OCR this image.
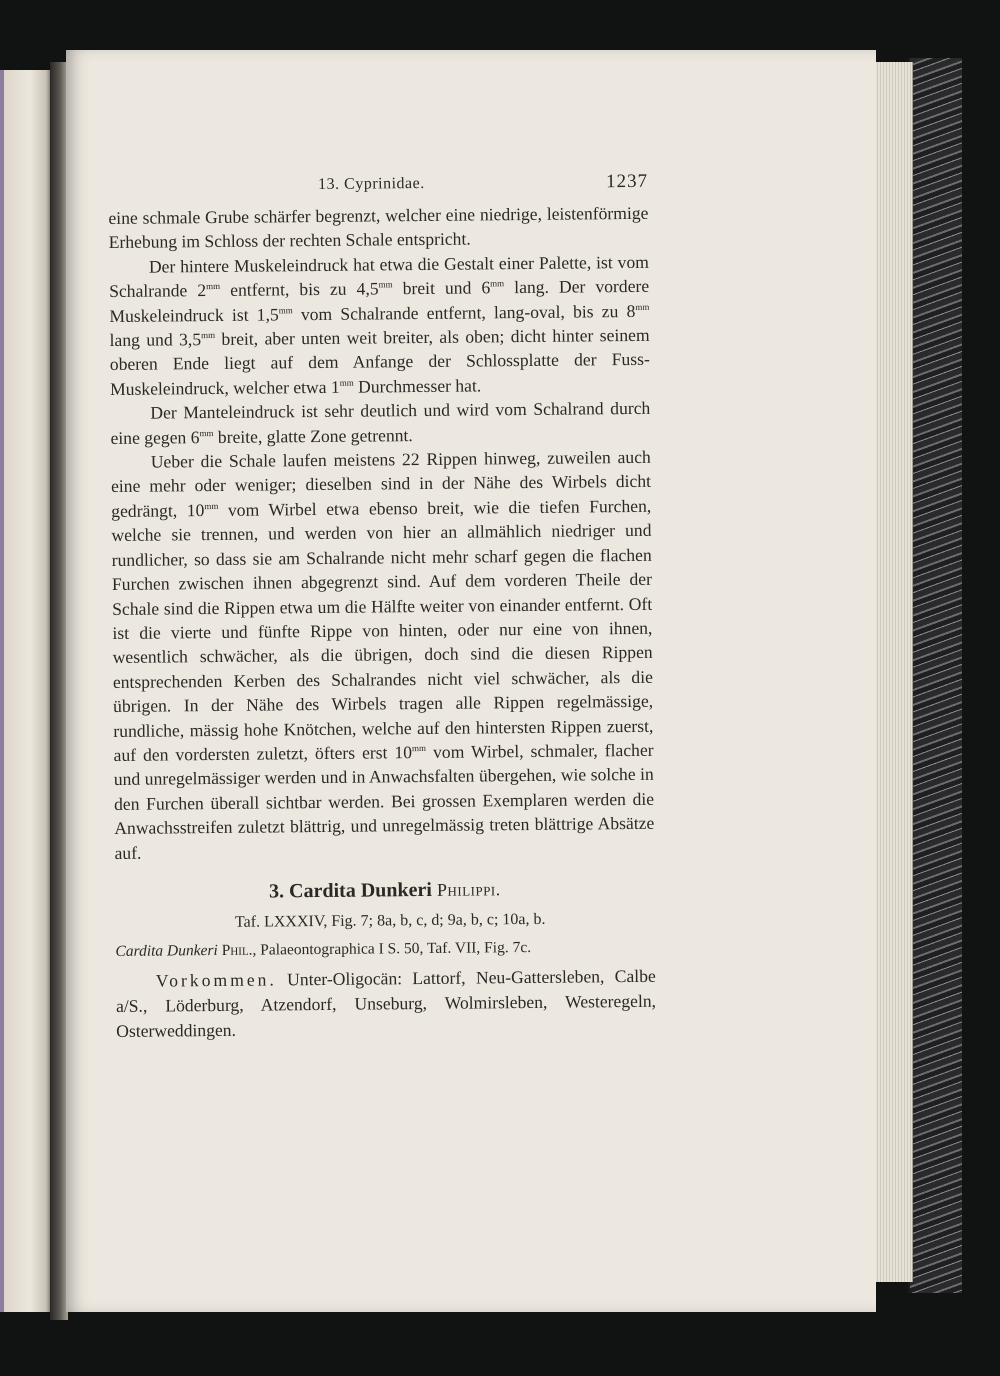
13. Cyprinidae.	1237

eine schmale Grube schärfer begrenzt, welcher eine niedrige, leistenförmige Erhebung im Schloss der rechten Schale entspricht.

Der hintere Muskeleindruck hat etwa die Gestalt einer Palette, ist vom Schalrande $2^{mm}$ entfernt, bis zu $4,5^{mm}$ breit und $6^{mm}$ lang. Der vordere Muskeleindruck ist $1,5^{mm}$ vom Schalrande entfernt, lang-oval, bis zu $8^{mm}$ lang und $3,5^{mm}$ breit, aber unten weit breiter, als oben; dicht hinter seinem oberen Ende liegt auf dem Anfange der Schlossplatte der Fuss-Muskeleindruck, welcher etwa $1^{mm}$ Durchmesser hat.

Der Manteleindruck ist sehr deutlich und wird vom Schalrand durch eine gegen $6^{mm}$ breite, glatte Zone getrennt.

Ueber die Schale laufen meistens 22 Rippen hinweg, zuweilen auch eine mehr oder weniger; dieselben sind in der Nähe des Wirbels dicht gedrängt, $10^{mm}$ vom Wirbel etwa ebenso breit, wie die tiefen Furchen, welche sie trennen, und werden von hier an allmählich niedriger und rundlicher, so dass sie am Schalrande nicht mehr scharf gegen die flachen Furchen zwischen ihnen abgegrenzt sind. Auf dem vorderen Theile der Schale sind die Rippen etwa um die Hälfte weiter von einander entfernt. Oft ist die vierte und fünfte Rippe von hinten, oder nur eine von ihnen, wesentlich schwächer, als die übrigen, doch sind die diesen Rippen entsprechenden Kerben des Schalrandes nicht viel schwächer, als die übrigen. In der Nähe des Wirbels tragen alle Rippen regelmässige, rundliche, mässig hohe Knötchen, welche auf den hintersten Rippen zuerst, auf den vordersten zuletzt, öfters erst $10^{mm}$ vom Wirbel, schmaler, flacher und unregelmässiger werden und in Anwachsfalten übergehen, wie solche in den Furchen überall sichtbar werden. Bei grossen Exemplaren werden die Anwachsstreifen zuletzt blättrig, und unregelmässig treten blättrige Absätze auf.

3. Cardita Dunkeri Philippi.
Taf. LXXXIV, Fig. 7; 8a, b, c, d; 9a, b, c; 10a, b.
Cardita Dunkeri Phil., Palaeontographica I S. 50, Taf. VII, Fig. 7c.

Vorkommen. Unter-Oligocän: Lattorf, Neu-Gattersleben, Calbe a/S., Löderburg, Atzendorf, Unseburg, Wolmirsleben, Westeregeln, Osterweddingen.
